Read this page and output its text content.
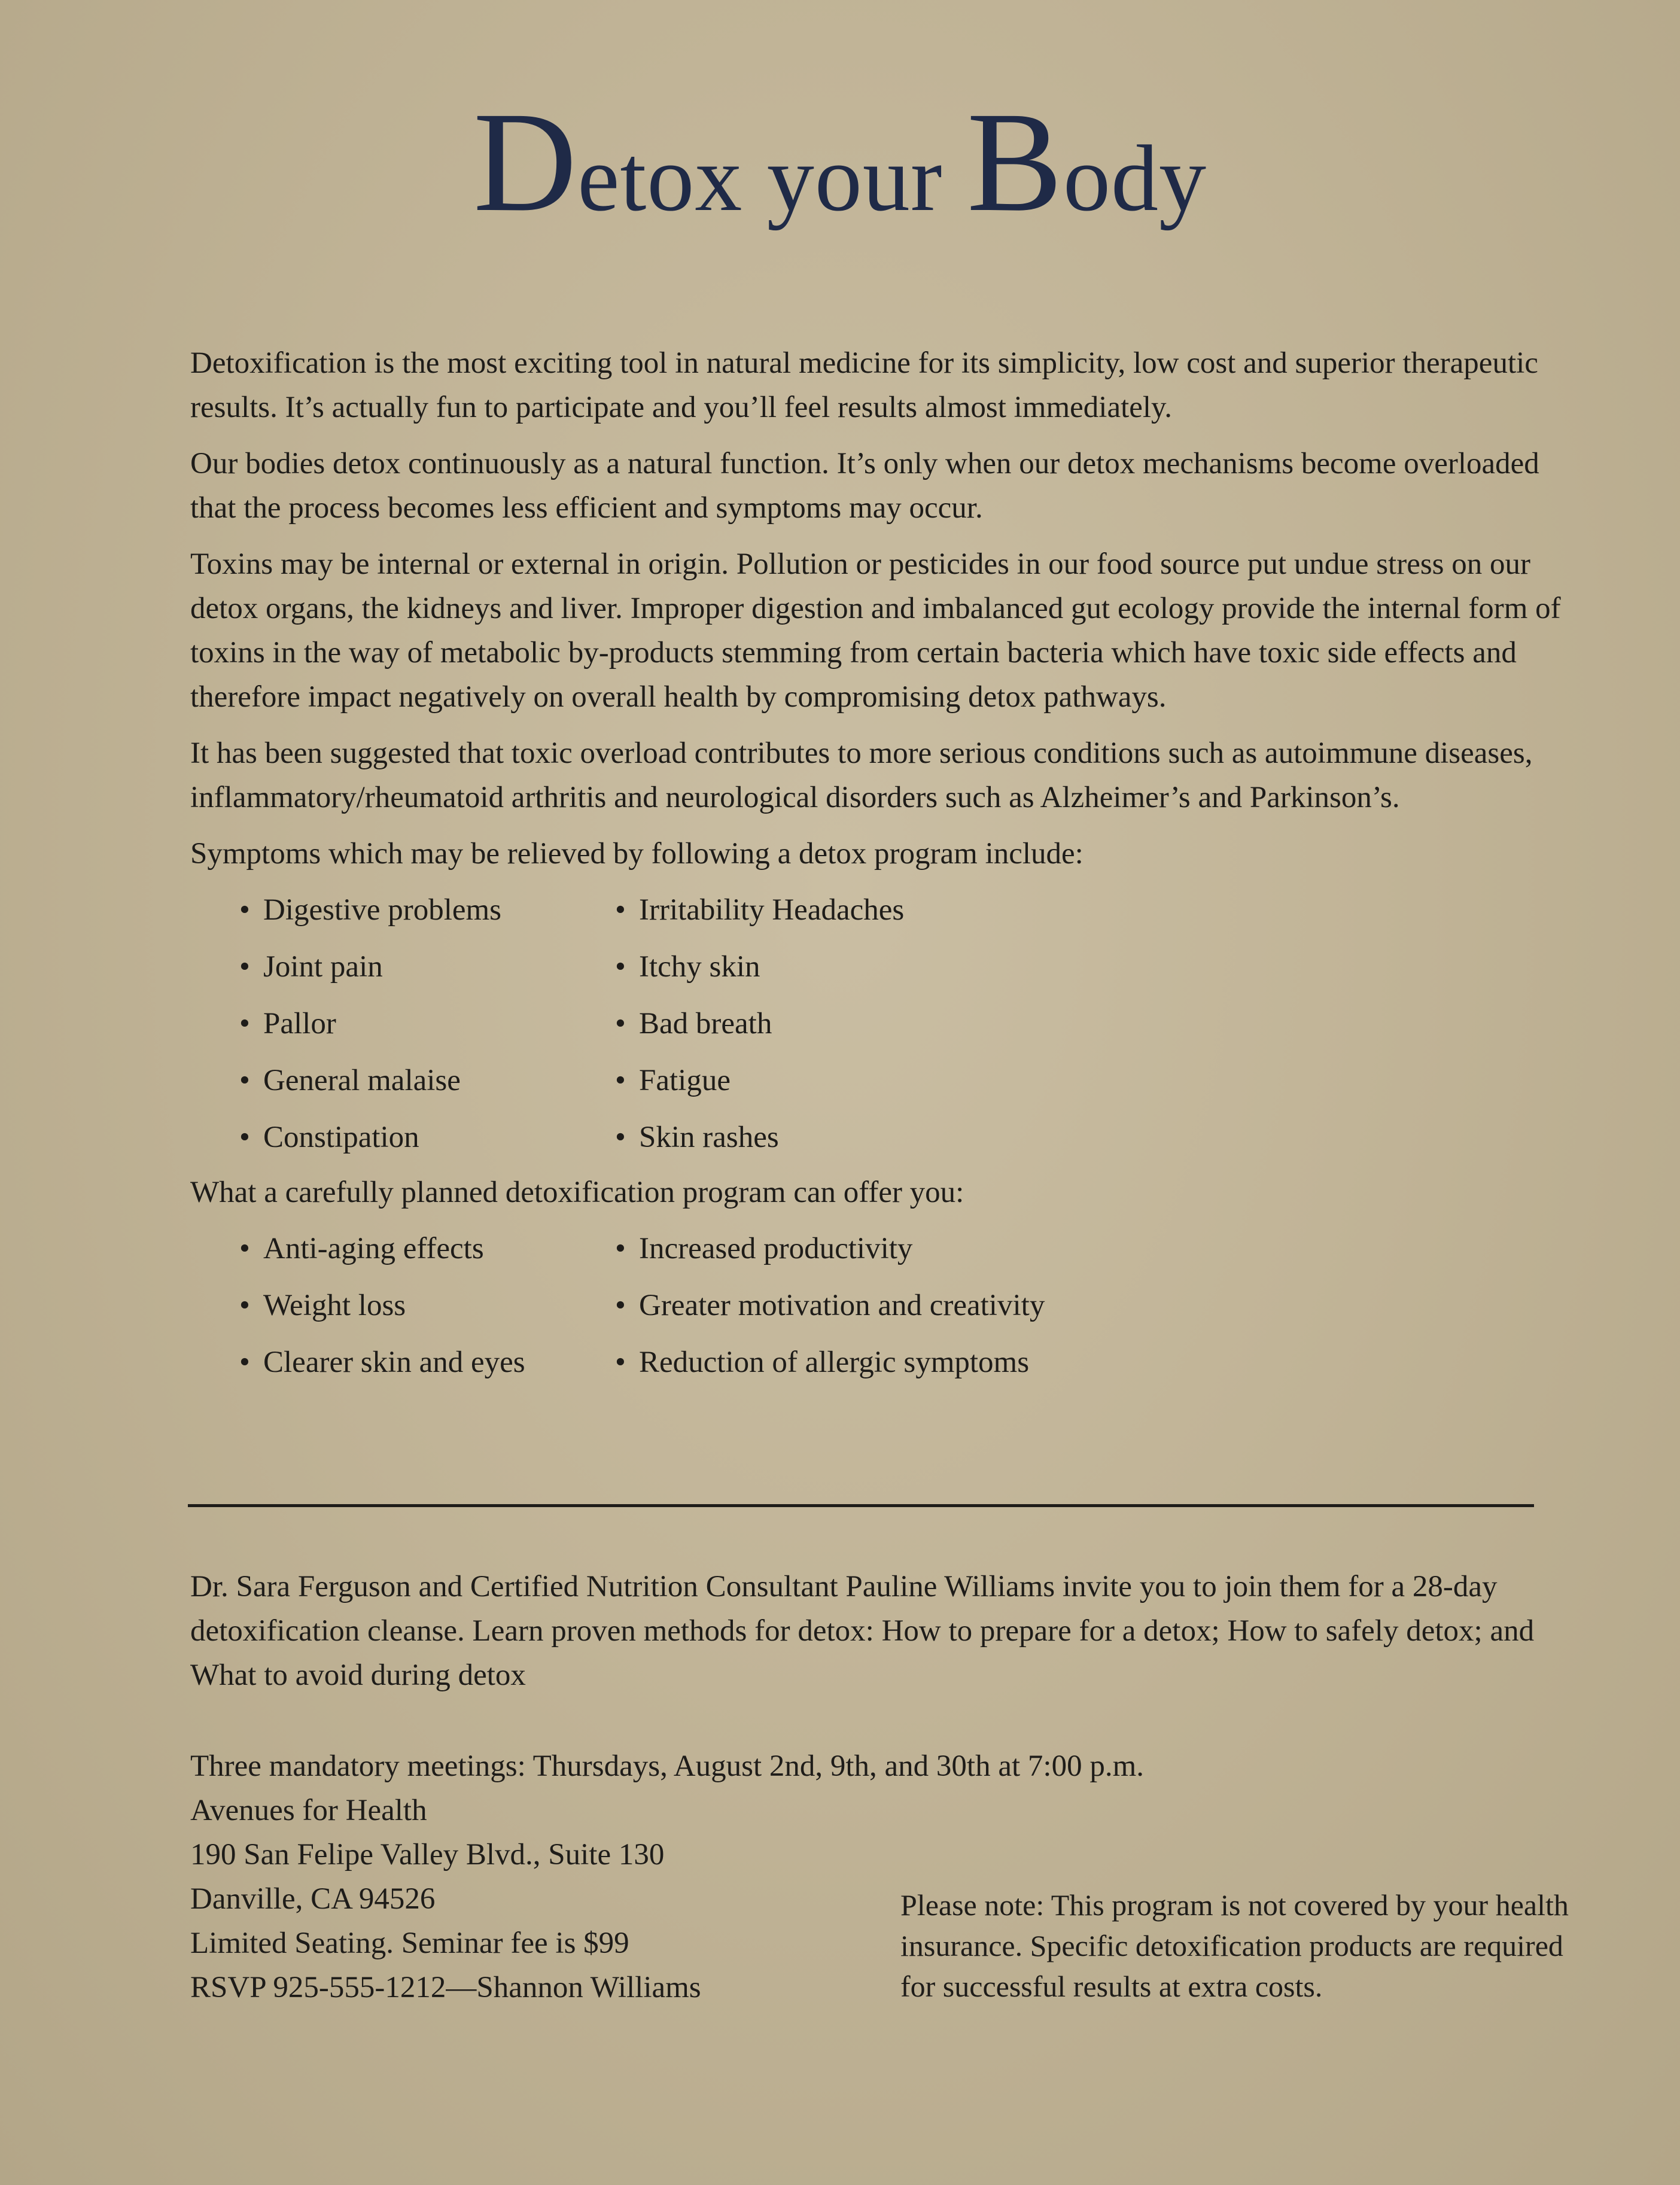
Detox your Body

Detoxification is the most exciting tool in natural medicine for its simplicity, low cost and superior therapeutic results. It’s actually fun to participate and you’ll feel results almost immediately.

Our bodies detox continuously as a natural function. It’s only when our detox mechanisms become overloaded that the process becomes less efficient and symptoms may occur.

Toxins may be internal or external in origin. Pollution or pesticides in our food source put undue stress on our detox organs, the kidneys and liver. Improper digestion and imbalanced gut ecology provide the internal form of toxins in the way of metabolic by-products stemming from certain bacteria which have toxic side effects and therefore impact negatively on overall health by compromising detox pathways.

It has been suggested that toxic overload contributes to more serious conditions such as autoimmune diseases, inflammatory/rheumatoid arthritis and neurological disorders such as Alzheimer’s and Parkinson’s.

Symptoms which may be relieved by following a detox program include:

• Digestive problems	• Irritability Headaches
• Joint pain	• Itchy skin
• Pallor	• Bad breath
• General malaise	• Fatigue
• Constipation	• Skin rashes

What a carefully planned detoxification program can offer you:

• Anti-aging effects	• Increased productivity
• Weight loss	• Greater motivation and creativity
• Clearer skin and eyes	• Reduction of allergic symptoms
Dr. Sara Ferguson and Certified Nutrition Consultant Pauline Williams invite you to join them for a 28-day detoxification cleanse. Learn proven methods for detox: How to prepare for a detox; How to safely detox; and What to avoid during detox
Three mandatory meetings: Thursdays, August 2nd, 9th, and 30th at 7:00 p.m.
Avenues for Health
190 San Felipe Valley Blvd., Suite 130
Danville, CA 94526
Limited Seating. Seminar fee is $99
RSVP 925-555-1212—Shannon Williams
Please note: This program is not covered by your health insurance. Specific detoxification products are required for successful results at extra costs.
